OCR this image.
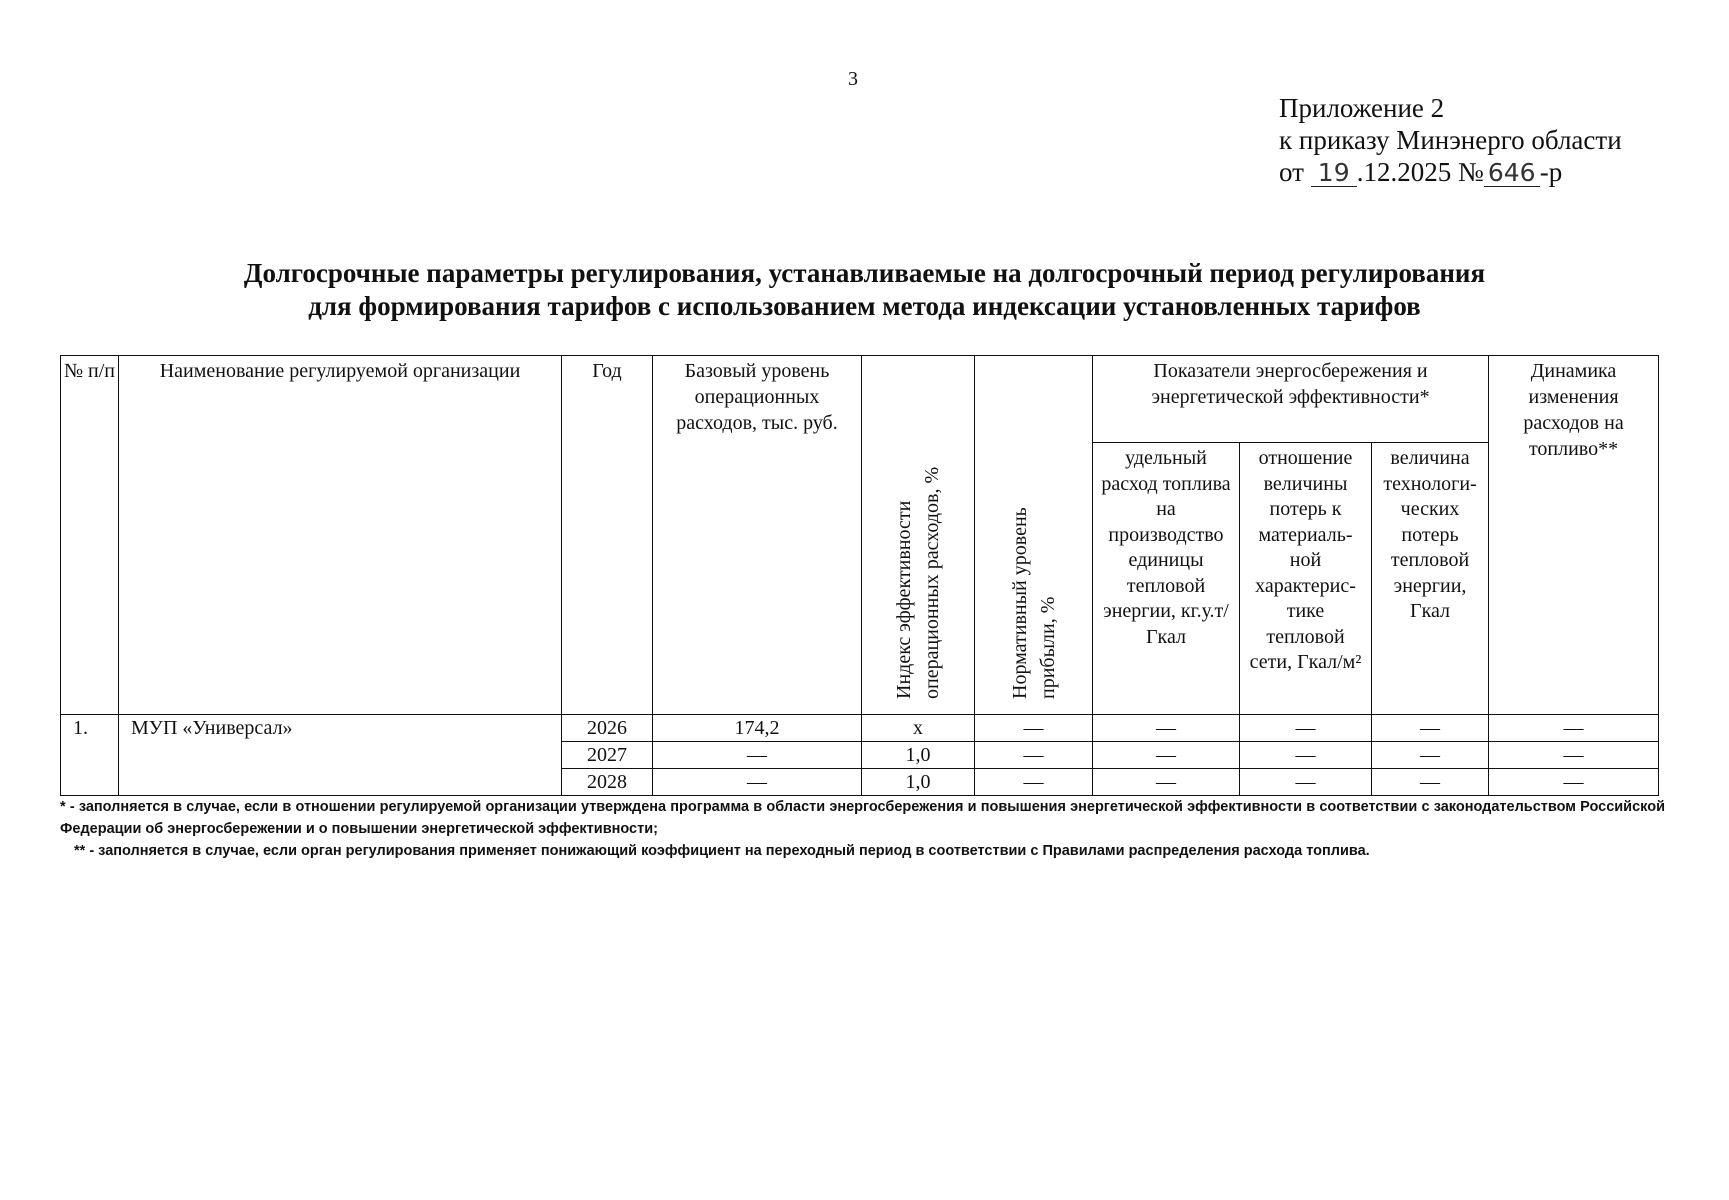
3
Приложение 2
к приказу Минэнерго области
от 19 .12.2025 № 646 -р
Долгосрочные параметры регулирования, устанавливаемые на долгосрочный период регулирования
для формирования тарифов с использованием метода индексации установленных тарифов
№ п/п	Наименование регулируемой организации	Год	Базовый уровень операционных расходов, тыс. руб.	Индекс эффективности операционных расходов, %	Нормативный уровень прибыли, %	Показатели энергосбережения и энергетической эффективности*			Динамика изменения расходов на топливо**
						удельный расход топлива на производство единицы тепловой энергии, кг.у.т/Гкал	отношение величины потерь к материаль-ной характерис-тике тепловой сети, Гкал/м²	величина технологи-ческих потерь тепловой энергии, Гкал	
1.	МУП «Универсал»	2026	174,2	х	—	—	—	—	—
		2027	—	1,0	—	—	—	—	—
		2028	—	1,0	—	—	—	—	—

* - заполняется в случае, если в отношении регулируемой организации утверждена программа в области энергосбережения и повышения энергетической эффективности в соответствии с законодательством Российской Федерации об энергосбережении и о повышении энергетической эффективности;

** - заполняется в случае, если орган регулирования применяет понижающий коэффициент на переходный период в соответствии с Правилами распределения расхода топлива.
